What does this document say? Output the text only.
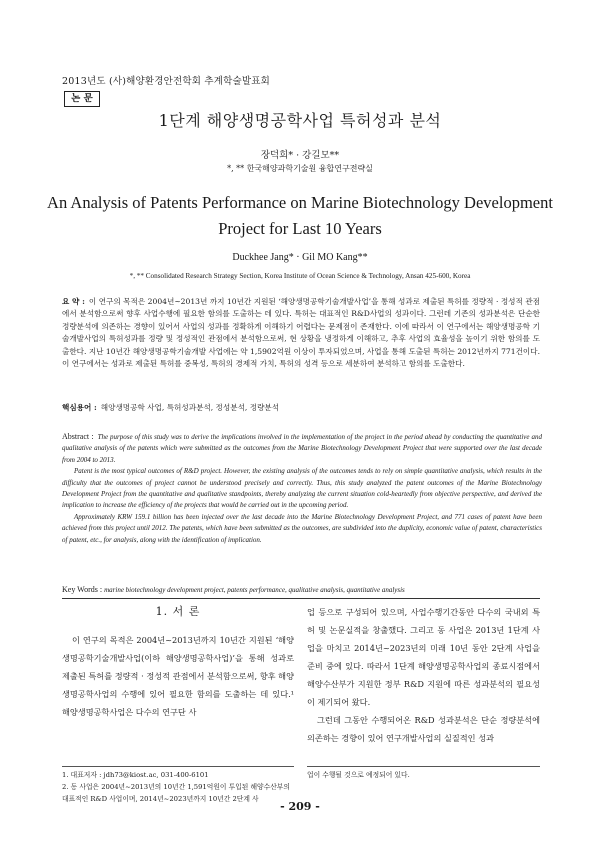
2013년도 (사)해양환경안전학회 추계학술발표회
논 문
1단계 해양생명공학사업 특허성과 분석
장덕희* · 강길모**
*, ** 한국해양과학기술원 융합연구전략실
An Analysis of Patents Performance on Marine Biotechnology Development Project for Last 10 Years
Duckhee Jang* · Gil MO Kang**
*, ** Consolidated Research Strategy Section, Korea Institute of Ocean Science & Technology, Ansan 425-600, Korea
요 약 : 이 연구의 목적은 2004년~2013년 까지 10년간 지원된 ‘해양생명공학기술개발사업’을 통해 성과로 제출된 특허를 정량적 · 정성적 관점에서 분석함으로써 향후 사업수행에 필요한 함의를 도출하는 데 있다. 특허는 대표적인 R&D사업의 성과이다. 그런데 기존의 성과분석은 단순한 정량분석에 의존하는 경향이 있어서 사업의 성과를 정확하게 이해하기 어렵다는 문제점이 존재한다. 이에 따라서 이 연구에서는 해양생명공학 기술개발사업의 특허성과를 정량 및 정성적인 관점에서 분석함으로써, 현 상황을 냉정하게 이해하고, 추후 사업의 효율성을 높이기 위한 함의를 도출한다. 지난 10년간 해양생명공학기술개발 사업에는 약 1,5902억원 이상이 투자되었으며, 사업을 통해 도출된 특허는 2012년까지 771건이다. 이 연구에서는 성과로 제출된 특허를 중복성, 특허의 경제적 가치, 특허의 성격 등으로 세분하여 분석하고 함의를 도출한다.
핵심용어 : 해양생명공학 사업, 특허성과분석, 정성분석, 정량분석
Abstract : The purpose of this study was to derive the implications involved in the implementation of the project in the period ahead by conducting the quantitative and qualitative analysis of the patents which were submitted as the outcomes from the Marine Biotechnology Development Project that were supported over the last decade from 2004 to 2013.
Patent is the most typical outcomes of R&D project. However, the existing analysis of the outcomes tends to rely on simple quantitative analysis, which results in the difficulty that the outcomes of project cannot be understood precisely and correctly. Thus, this study analyzed the patent outcomes of the Marine Biotechnology Development Project from the quantitative and qualitative standpoints, thereby analyzing the current situation cold-heartedly from objective perspective, and derived the implication to increase the efficiency of the projects that would be carried out in the upcoming period.
Approximately KRW 159.1 billion has been injected over the last decade into the Marine Biotechnology Development Project, and 771 cases of patent have been achieved from this project until 2012. The patents, which have been submitted as the outcomes, are subdivided into the duplicity, economic value of patent, characteristics of patent, etc., for analysis, along with the identification of implication.
Key Words : marine biotechnology development project, patents performance, qualitative analysis, quantitative analysis
1. 서 론
이 연구의 목적은 2004년~2013년까지 10년간 지원된 ‘해양생명공학기술개발사업(이하 해양생명공학사업)’을 통해 성과로 제출된 특허를 정량적 · 정성적 관점에서 분석함으로써, 향후 해양생명공학사업의 수행에 있어 필요한 함의를 도출하는 데 있다.¹ 해양생명공학사업은 다수의 연구단 사
업 등으로 구성되어 있으며, 사업수행기간동안 다수의 국내외 특허 및 논문실적을 창출했다. 그리고 동 사업은 2013년 1단계 사업을 마치고 2014년~2023년의 미래 10년 동안 2단계 사업을 준비 중에 있다. 따라서 1단계 해양생명공학사업의 종료시점에서 해양수산부가 지원한 정부 R&D 지원에 따른 성과분석의 필요성이 제기되어 왔다.
그런데 그동안 수행되어온 R&D 성과분석은 단순 정량분석에 의존하는 경향이 있어 연구개발사업의 실질적인 성과
1. 대표저자 : jdh73@kiost.ac, 031-400-6101
2. 동 사업은 2004년~2013년의 10년간 1,591억원이 투입된 해양수산부의 대표적인 R&D 사업이며, 2014년~2023년까지 10년간 2단계 사
업이 수행될 것으로 예정되어 있다.
- 209 -
